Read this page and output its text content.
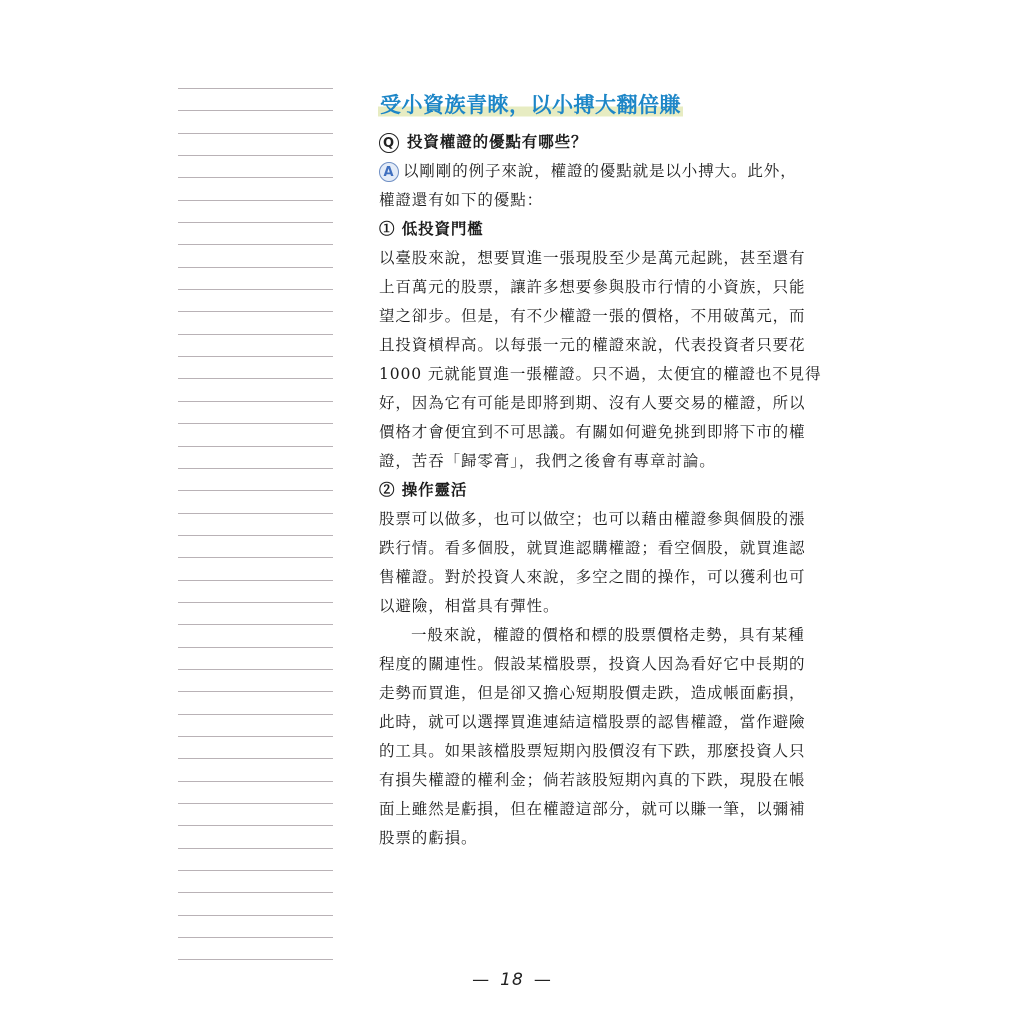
受小資族青睞，以小搏大翻倍賺
Q 投資權證的優點有哪些？
A 以剛剛的例子來說，權證的優點就是以小搏大。此外，
權證還有如下的優點：
① 低投資門檻
以臺股來說，想要買進一張現股至少是萬元起跳，甚至還有
上百萬元的股票，讓許多想要參與股市行情的小資族，只能
望之卻步。但是，有不少權證一張的價格，不用破萬元，而
且投資槓桿高。以每張一元的權證來說，代表投資者只要花
1000 元就能買進一張權證。只不過，太便宜的權證也不見得
好，因為它有可能是即將到期、沒有人要交易的權證，所以
價格才會便宜到不可思議。有關如何避免挑到即將下市的權
證，苦吞「歸零膏」，我們之後會有專章討論。
② 操作靈活
股票可以做多，也可以做空；也可以藉由權證參與個股的漲
跌行情。看多個股，就買進認購權證；看空個股，就買進認
售權證。對於投資人來說，多空之間的操作，可以獲利也可
以避險，相當具有彈性。
一般來說，權證的價格和標的股票價格走勢，具有某種
程度的關連性。假設某檔股票，投資人因為看好它中長期的
走勢而買進，但是卻又擔心短期股價走跌，造成帳面虧損，
此時，就可以選擇買進連結這檔股票的認售權證，當作避險
的工具。如果該檔股票短期內股價沒有下跌，那麼投資人只
有損失權證的權利金；倘若該股短期內真的下跌，現股在帳
面上雖然是虧損，但在權證這部分，就可以賺一筆，以彌補
股票的虧損。
— 18 —
